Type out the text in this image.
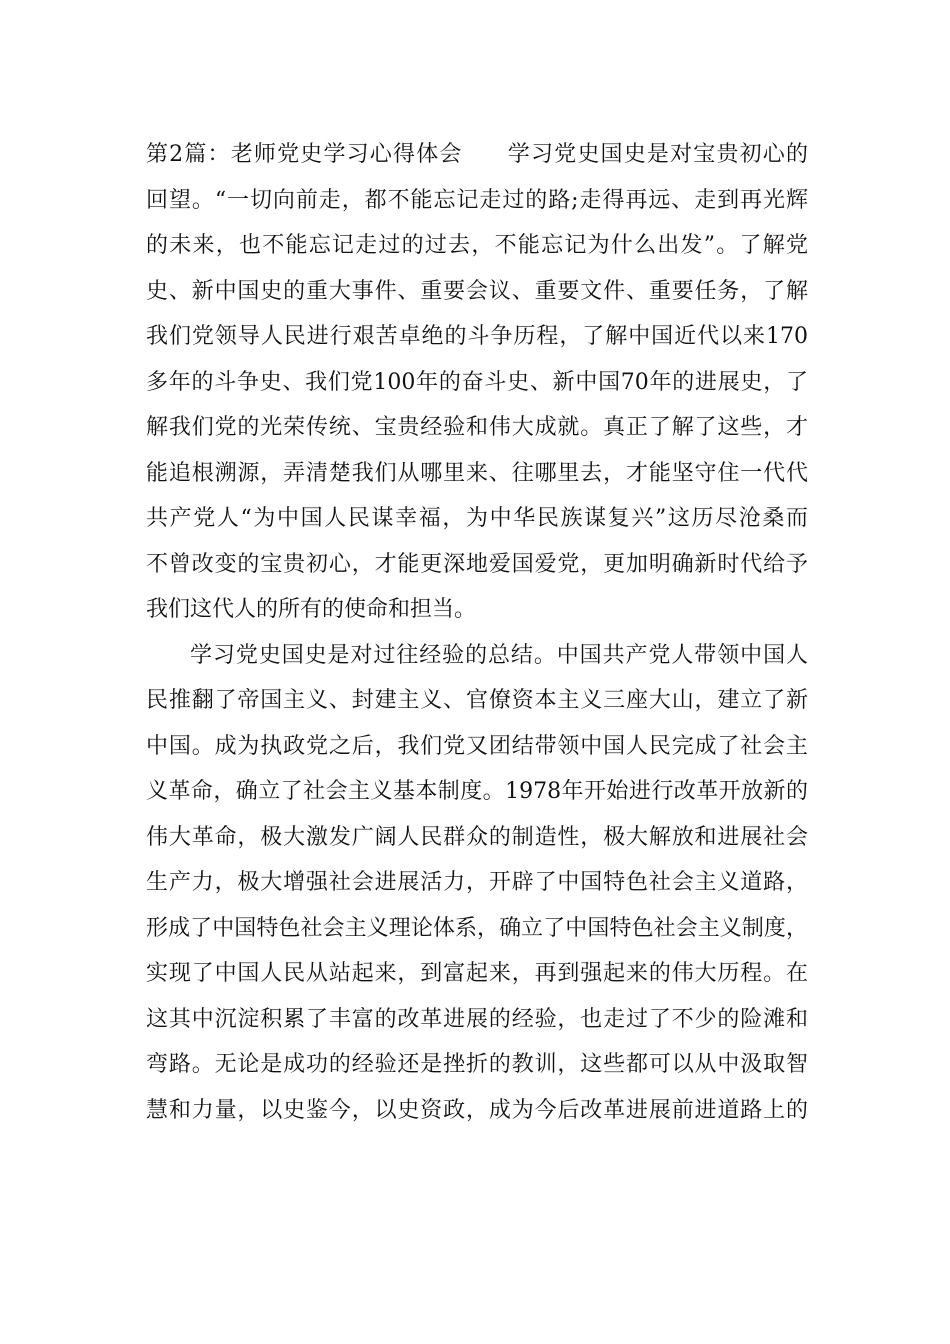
第2篇：老师党史学习心得体会 学习党史国史是对宝贵初心的
回望。“一切向前走，都不能忘记走过的路;走得再远、走到再光辉
的未来，也不能忘记走过的过去，不能忘记为什么出发”。了解党
史、新中国史的重大事件、重要会议、重要文件、重要任务，了解
我们党领导人民进行艰苦卓绝的斗争历程，了解中国近代以来170
多年的斗争史、我们党100年的奋斗史、新中国70年的进展史，了
解我们党的光荣传统、宝贵经验和伟大成就。真正了解了这些，才
能追根溯源，弄清楚我们从哪里来、往哪里去，才能坚守住一代代
共产党人“为中国人民谋幸福，为中华民族谋复兴”这历尽沧桑而
不曾改变的宝贵初心，才能更深地爱国爱党，更加明确新时代给予
我们这代人的所有的使命和担当。
学习党史国史是对过往经验的总结。中国共产党人带领中国人
民推翻了帝国主义、封建主义、官僚资本主义三座大山，建立了新
中国。成为执政党之后，我们党又团结带领中国人民完成了社会主
义革命，确立了社会主义基本制度。1978年开始进行改革开放新的
伟大革命，极大激发广阔人民群众的制造性，极大解放和进展社会
生产力，极大增强社会进展活力，开辟了中国特色社会主义道路，
形成了中国特色社会主义理论体系，确立了中国特色社会主义制度，
实现了中国人民从站起来，到富起来，再到强起来的伟大历程。在
这其中沉淀积累了丰富的改革进展的经验，也走过了不少的险滩和
弯路。无论是成功的经验还是挫折的教训，这些都可以从中汲取智
慧和力量，以史鉴今，以史资政，成为今后改革进展前进道路上的
